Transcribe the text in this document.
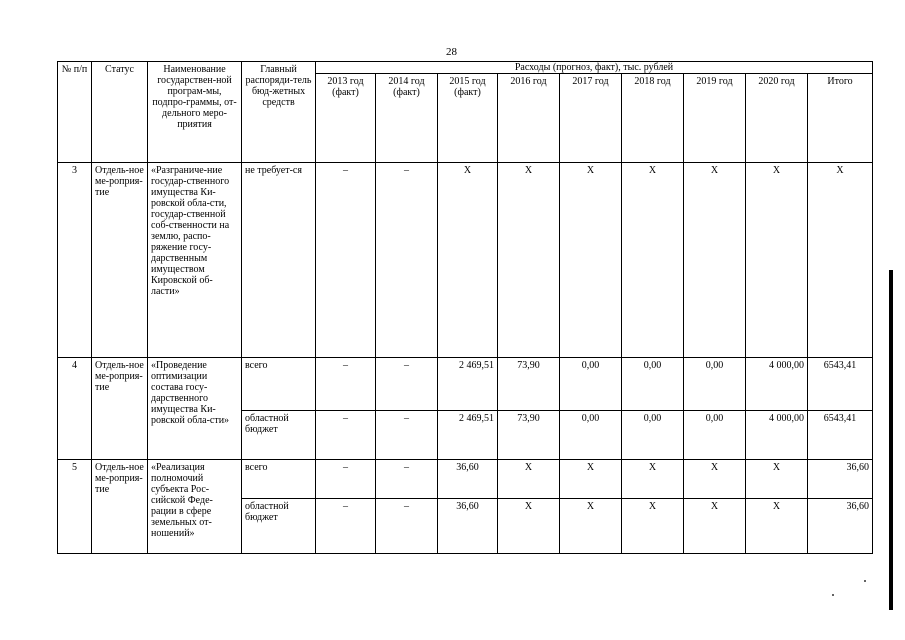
28
№ п/п	Статус	Наименование государствен-ной програм-мы, подпро-граммы, от-дельного меро-приятия	Главный распоряди-тель бюд-жетных средств	Расходы (прогноз, факт), тыс. рублей								
				2013 год (факт)	2014 год (факт)	2015 год (факт)	2016 год	2017 год	2018 год	2019 год	2020 год	Итого
3	Отдель-ное ме-роприя-тие	«Разграниче-ние государ-ственного имущества Ки-ровской обла-сти, государ-ственной соб-ственности на землю, распо-ряжение госу-дарственным имуществом Кировской об-ласти»	не требует-ся	–	–	Х	Х	Х	Х	Х	Х	Х
4	Отдель-ное ме-роприя-тие	«Проведение оптимизации состава госу-дарственного имущества Ки-ровской обла-сти»	всего	–	–	2 469,51	73,90	0,00	0,00	0,00	4 000,00	6543,41
			областной бюджет	–	–	2 469,51	73,90	0,00	0,00	0,00	4 000,00	6543,41
5	Отдель-ное ме-роприя-тие	«Реализация полномочий субъекта Рос-сийской Феде-рации в сфере земельных от-ношений»	всего	–	–	36,60	Х	Х	Х	Х	Х	36,60
			областной бюджет	–	–	36,60	Х	Х	Х	Х	Х	36,60
